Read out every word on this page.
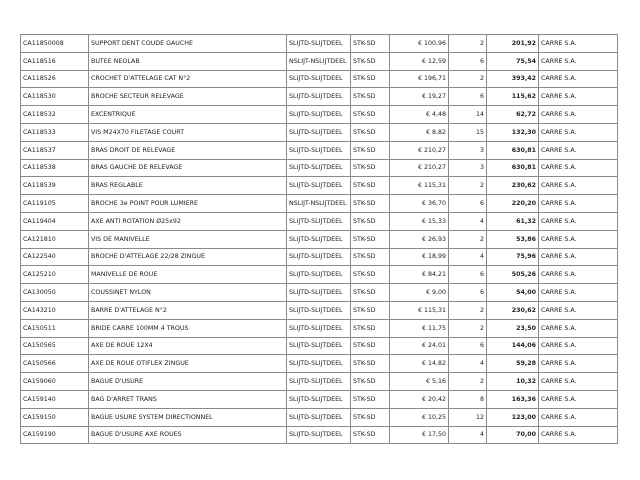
CA11850008	SUPPORT DENT COUDE GAUCHE	SLIJTD-SLIJTDEEL	STK-SD	€ 100,96	2	201,92	CARRE S.A.
CA118516	BUTEE NEOLAB	NSLIJT-NSLIJTDEEL	STK-SD	€ 12,59	6	75,54	CARRE S.A.
CA118526	CROCHET D'ATTELAGE CAT N°2	SLIJTD-SLIJTDEEL	STK-SD	€ 196,71	2	393,42	CARRE S.A.
CA118530	BROCHE SECTEUR RELEVAGE	SLIJTD-SLIJTDEEL	STK-SD	€ 19,27	6	115,62	CARRE S.A.
CA118532	EXCENTRIQUE	SLIJTD-SLIJTDEEL	STK-SD	€ 4,48	14	62,72	CARRE S.A.
CA118533	VIS M24X70 FILETAGE COURT	SLIJTD-SLIJTDEEL	STK-SD	€ 8,82	15	132,30	CARRE S.A.
CA118537	BRAS DROIT DE RELEVAGE	SLIJTD-SLIJTDEEL	STK-SD	€ 210,27	3	630,81	CARRE S.A.
CA118538	BRAS GAUCHE DE RELEVAGE	SLIJTD-SLIJTDEEL	STK-SD	€ 210,27	3	630,81	CARRE S.A.
CA118539	BRAS REGLABLE	SLIJTD-SLIJTDEEL	STK-SD	€ 115,31	2	230,62	CARRE S.A.
CA119105	BROCHE 3e POINT POUR LUMIERE	NSLIJT-NSLIJTDEEL	STK-SD	€ 36,70	6	220,20	CARRE S.A.
CA119404	AXE ANTI ROTATION Ø25x92	SLIJTD-SLIJTDEEL	STK-SD	€ 15,33	4	61,32	CARRE S.A.
CA121810	VIS DE MANIVELLE	SLIJTD-SLIJTDEEL	STK-SD	€ 26,93	2	53,86	CARRE S.A.
CA122540	BROCHE D'ATTELAGE 22/28 ZINGUE	SLIJTD-SLIJTDEEL	STK-SD	€ 18,99	4	75,96	CARRE S.A.
CA125210	MANIVELLE DE ROUE	SLIJTD-SLIJTDEEL	STK-SD	€ 84,21	6	505,26	CARRE S.A.
CA130050	COUSSINET NYLON	SLIJTD-SLIJTDEEL	STK-SD	€ 9,00	6	54,00	CARRE S.A.
CA143210	BARRE D'ATTELAGE N°2	SLIJTD-SLIJTDEEL	STK-SD	€ 115,31	2	230,62	CARRE S.A.
CA150511	BRIDE CARRE 100MM 4 TROUS	SLIJTD-SLIJTDEEL	STK-SD	€ 11,75	2	23,50	CARRE S.A.
CA150565	AXE DE ROUE 12X4	SLIJTD-SLIJTDEEL	STK-SD	€ 24,01	6	144,06	CARRE S.A.
CA150566	AXE DE ROUE OTIFLEX ZINGUE	SLIJTD-SLIJTDEEL	STK-SD	€ 14,82	4	59,28	CARRE S.A.
CA159060	BAGUE D'USURE	SLIJTD-SLIJTDEEL	STK-SD	€ 5,16	2	10,32	CARRE S.A.
CA159140	BAG D'ARRET TRANS	SLIJTD-SLIJTDEEL	STK-SD	€ 20,42	8	163,36	CARRE S.A.
CA159150	BAGUE USURE SYSTEM DIRECTIONNEL	SLIJTD-SLIJTDEEL	STK-SD	€ 10,25	12	123,00	CARRE S.A.
CA159190	BAGUE D'USURE AXE ROUES	SLIJTD-SLIJTDEEL	STK-SD	€ 17,50	4	70,00	CARRE S.A.
